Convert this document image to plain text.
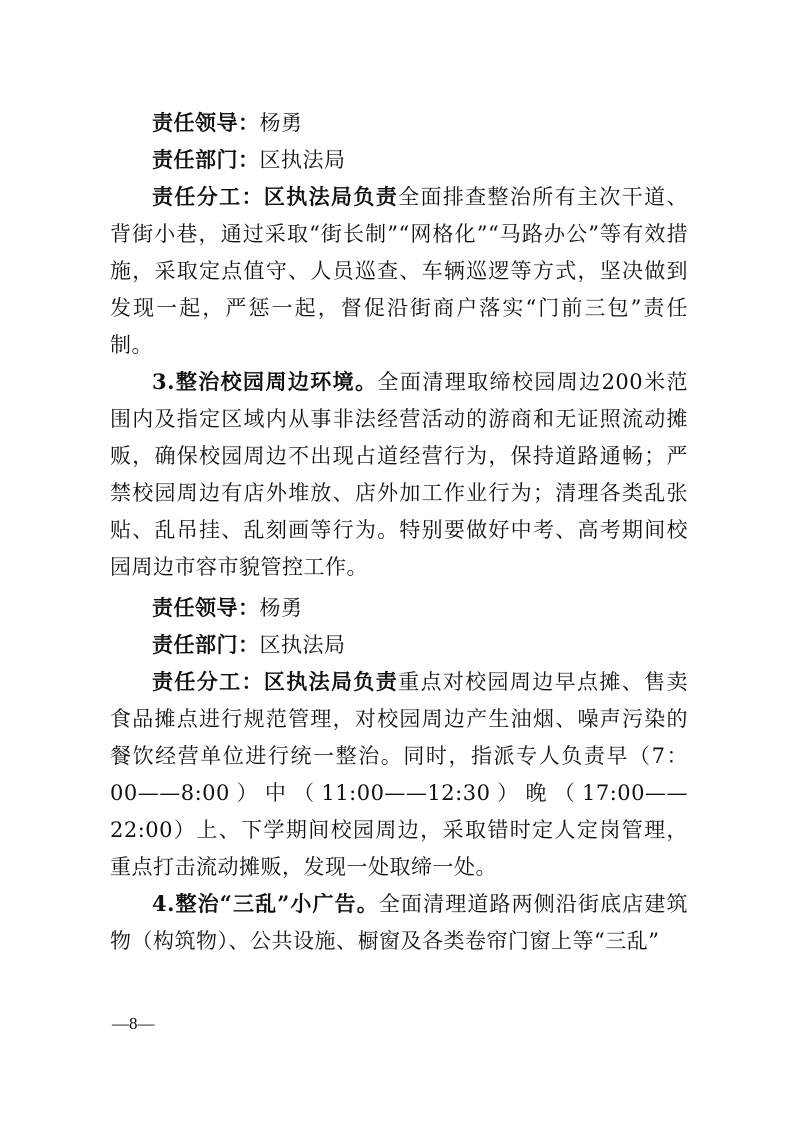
责任领导：杨勇

责任部门：区执法局

责任分工：区执法局负责全面排查整治所有主次干道、背街小巷，通过采取“街长制”“网格化”“马路办公”等有效措施，采取定点值守、人员巡查、车辆巡逻等方式，坚决做到发现一起，严惩一起，督促沿街商户落实“门前三包”责任制。

3.整治校园周边环境。全面清理取缔校园周边200米范围内及指定区域内从事非法经营活动的游商和无证照流动摊贩，确保校园周边不出现占道经营行为，保持道路通畅；严禁校园周边有店外堆放、店外加工作业行为；清理各类乱张贴、乱吊挂、乱刻画等行为。特别要做好中考、高考期间校园周边市容市貌管控工作。

责任领导：杨勇

责任部门：区执法局

责任分工：区执法局负责重点对校园周边早点摊、售卖食品摊点进行规范管理，对校园周边产生油烟、噪声污染的餐饮经营单位进行统一整治。同时，指派专人负责早（7：00——8:00）中（11:00——12:30）晚（17:00——22:00）上、下学期间校园周边，采取错时定人定岗管理，重点打击流动摊贩，发现一处取缔一处。

4.整治“三乱”小广告。全面清理道路两侧沿街底店建筑物（构筑物）、公共设施、橱窗及各类卷帘门窗上等“三乱”

—8—
